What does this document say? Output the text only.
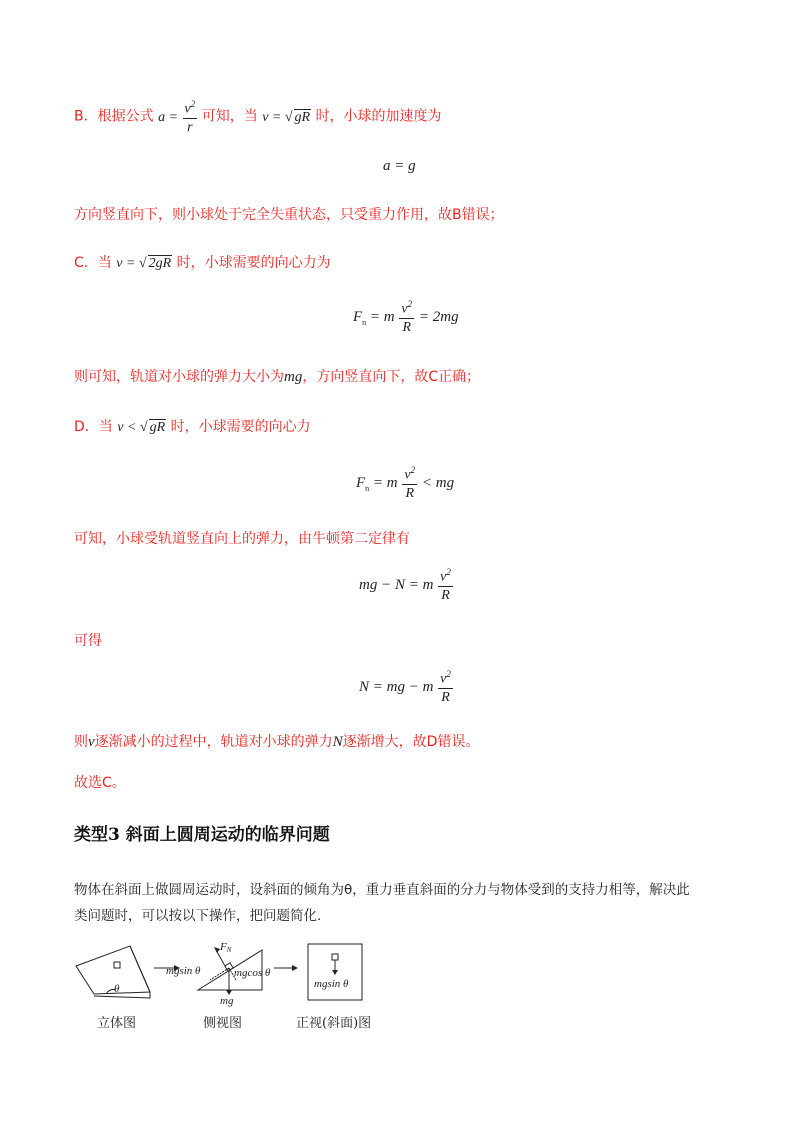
B．根据公式 $a = \frac{v^2}{r}$ 可知，当 v = √ gR 时，小球的加速度为
a = g
方向竖直向下，则小球处于完全失重状态，只受重力作用，故B错误；
C．当 v = √ 2gR 时，小球需要的向心力为
$F_n = m \frac{v^2}{R} = 2mg$
则可知，轨道对小球的弹力大小为mg，方向竖直向下，故C正确；
D．当 v < √ gR 时，小球需要的向心力
$F_n = m \frac{v^2}{R}$ < mg
可知，小球受轨道竖直向上的弹力，由牛顿第二定律有
mg − N = m $\frac{v^2}{R}$
可得
N = mg − m $\frac{v^2}{R}$
则v逐渐减小的过程中，轨道对小球的弹力N逐渐增大，故D错误。
故选C。
类型3 斜面上圆周运动的临界问题
物体在斜面上做圆周运动时，设斜面的倾角为θ，重力垂直斜面的分力与物体受到的支持力相等，解决此
类问题时，可以按以下操作，把问题简化.
θ
FN
mgsin θ	mgcos θ
mg
mgsin θ
立体图	侧视图	正视(斜面)图
